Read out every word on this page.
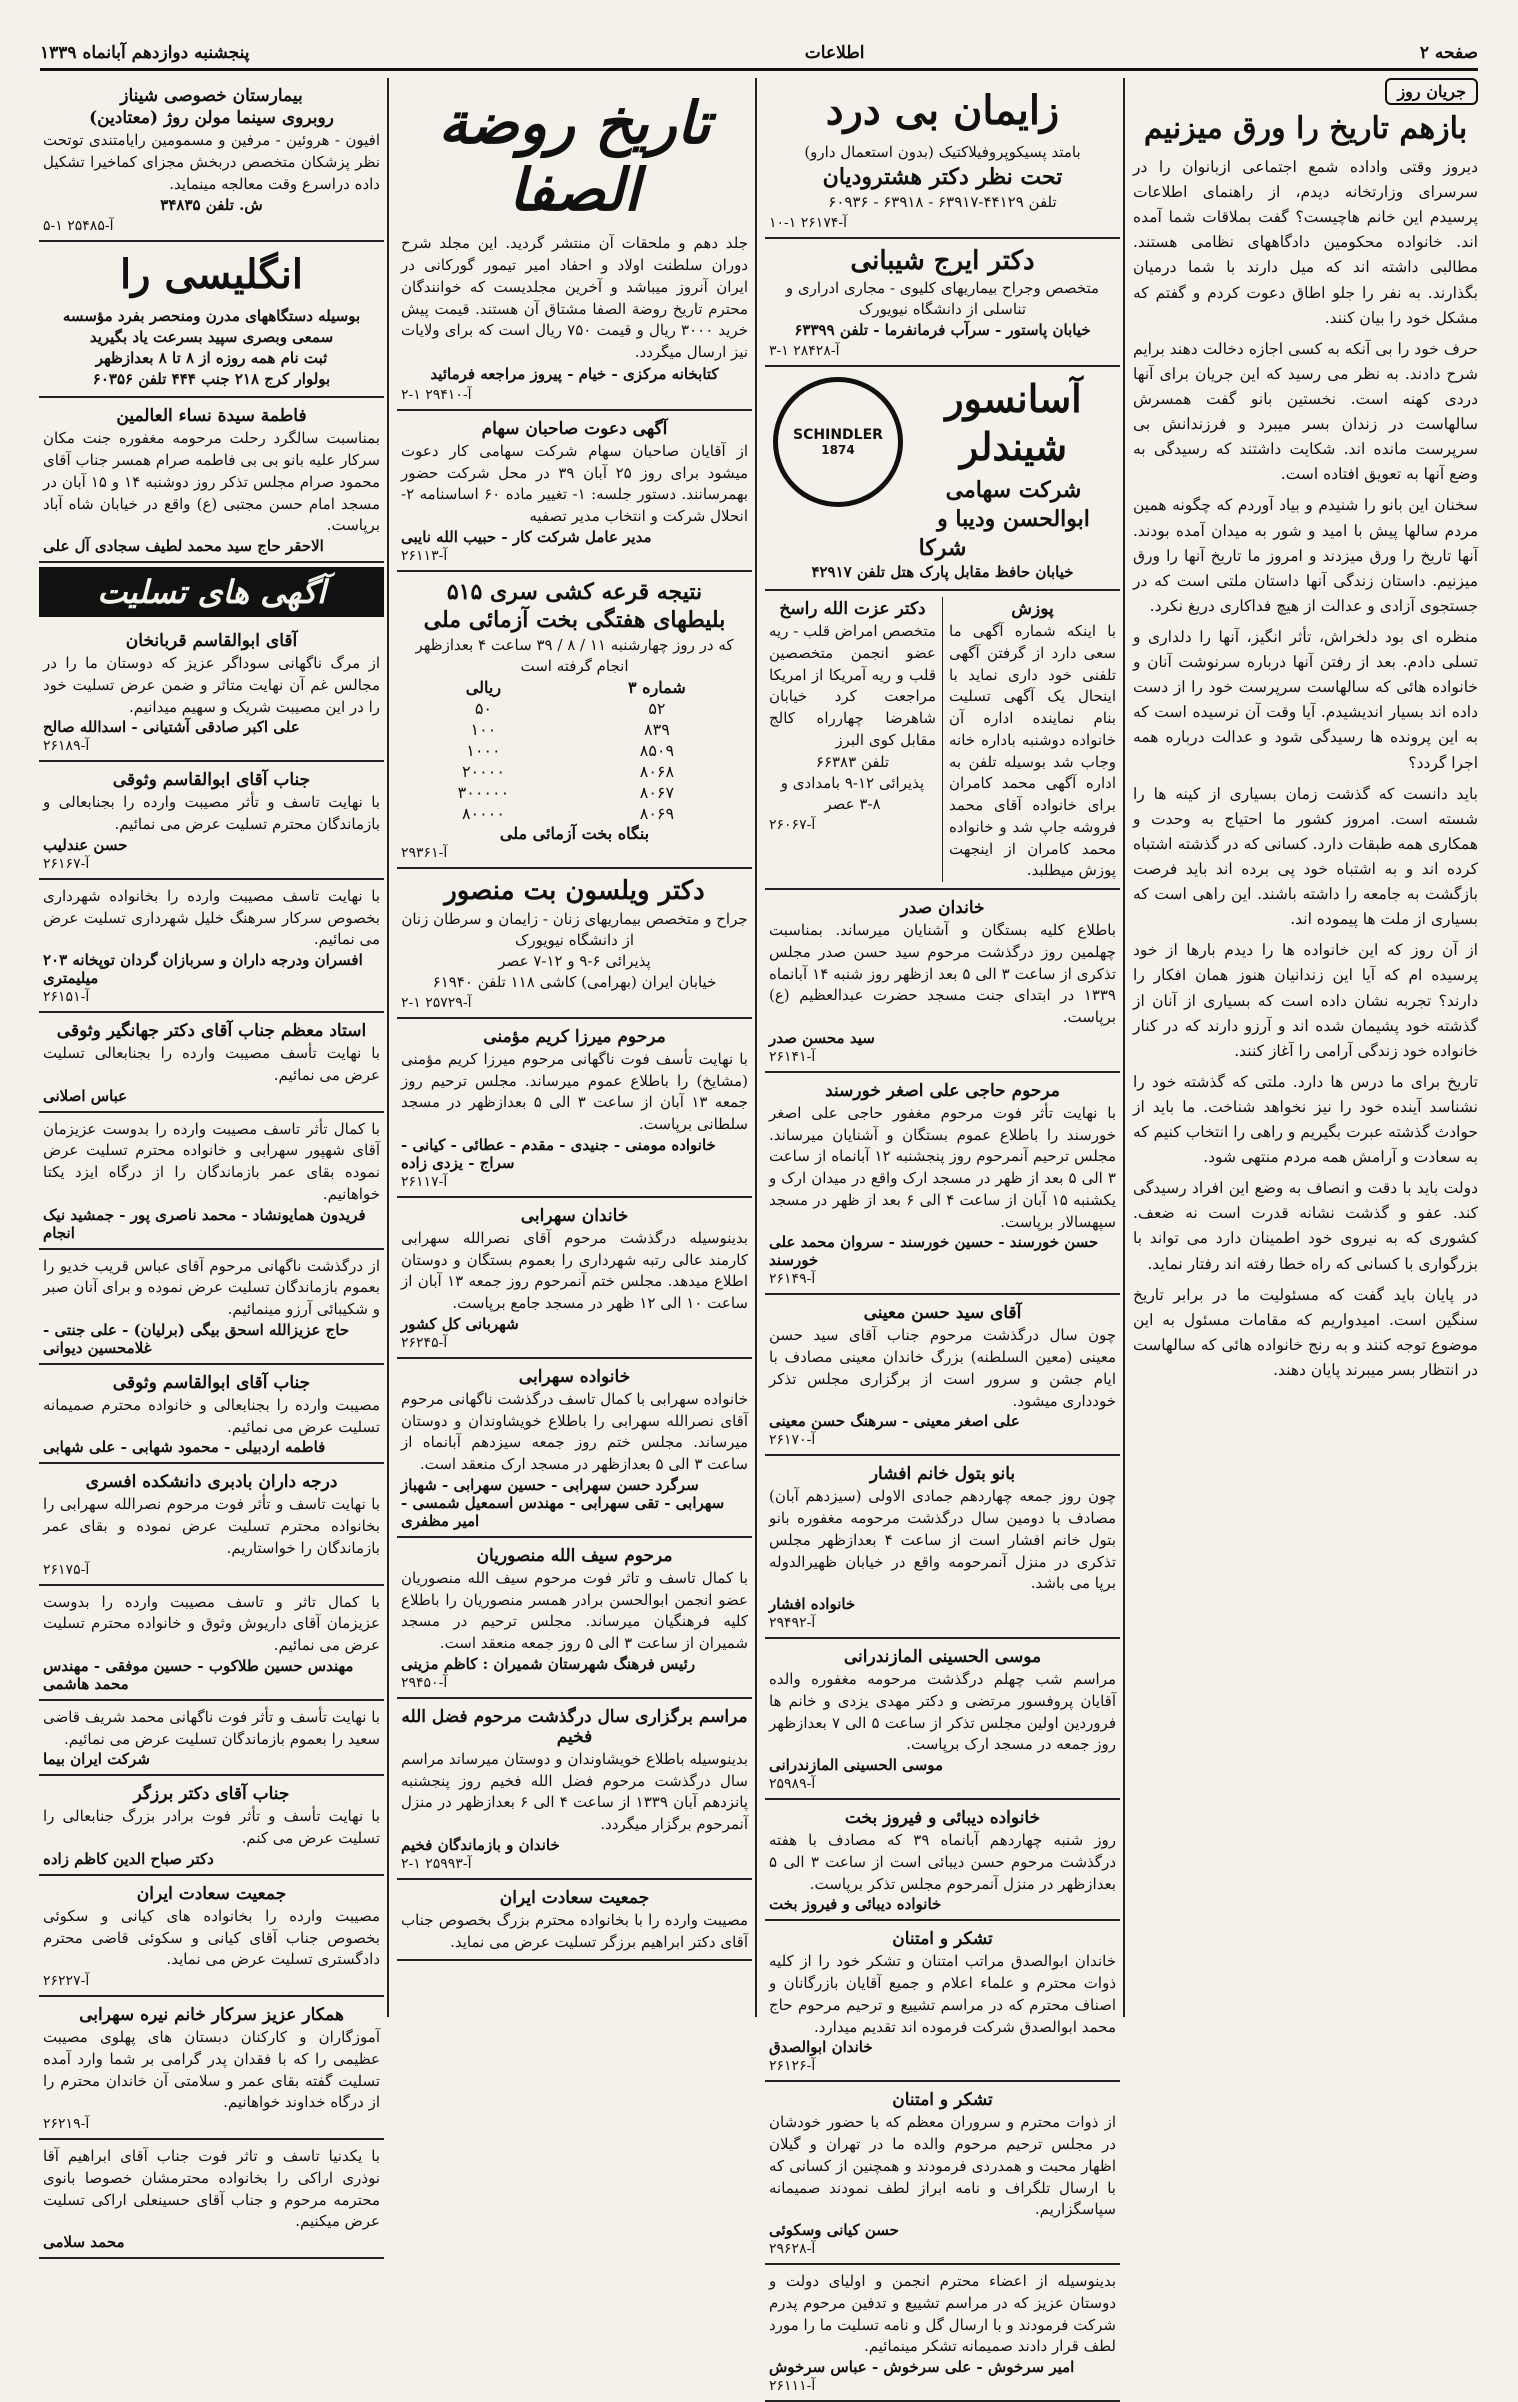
صفحه ۲
اطلاعات
پنجشنبه دوازدهم آبانماه ۱۳۳۹
جریان روز
بازهم تاریخ را ورق میزنیم

دیروز وقتی واداده شمع اجتماعی ازبانوان را در سرسرای وزارتخانه دیدم، از راهنمای اطلاعات پرسیدم این خانم هاچیست؟ گفت بملاقات شما آمده اند. خانواده محکومین دادگاههای نظامی هستند. مطالبی داشته اند که میل دارند با شما درمیان بگذارند. به نفر را جلو اطاق دعوت کردم و گفتم که مشکل خود را بیان کنند.

حرف خود را بی آنکه به کسی اجازه دخالت دهند برایم شرح دادند. به نظر می رسید که این جریان برای آنها دردی کهنه است. نخستین بانو گفت همسرش سالهاست در زندان بسر میبرد و فرزندانش بی سرپرست مانده اند. شکایت داشتند که رسیدگی به وضع آنها به تعویق افتاده است.

سخنان این بانو را شنیدم و بیاد آوردم که چگونه همین مردم سالها پیش با امید و شور به میدان آمده بودند. آنها تاریخ را ورق میزدند و امروز ما تاریخ آنها را ورق میزنیم. داستان زندگی آنها داستان ملتی است که در جستجوی آزادی و عدالت از هیچ فداکاری دریغ نکرد.

منظره ای بود دلخراش، تأثر انگیز، آنها را دلداری و تسلی دادم. بعد از رفتن آنها درباره سرنوشت آنان و خانواده هائی که سالهاست سرپرست خود را از دست داده اند بسیار اندیشیدم. آیا وقت آن نرسیده است که به این پرونده ها رسیدگی شود و عدالت درباره همه اجرا گردد؟

باید دانست که گذشت زمان بسیاری از کینه ها را شسته است. امروز کشور ما احتیاج به وحدت و همکاری همه طبقات دارد. کسانی که در گذشته اشتباه کرده اند و به اشتباه خود پی برده اند باید فرصت بازگشت به جامعه را داشته باشند. این راهی است که بسیاری از ملت ها پیموده اند.

از آن روز که این خانواده ها را دیدم بارها از خود پرسیده ام که آیا این زندانیان هنوز همان افکار را دارند؟ تجربه نشان داده است که بسیاری از آنان از گذشته خود پشیمان شده اند و آرزو دارند که در کنار خانواده خود زندگی آرامی را آغاز کنند.

تاریخ برای ما درس ها دارد. ملتی که گذشته خود را نشناسد آینده خود را نیز نخواهد شناخت. ما باید از حوادث گذشته عبرت بگیریم و راهی را انتخاب کنیم که به سعادت و آرامش همه مردم منتهی شود.

دولت باید با دقت و انصاف به وضع این افراد رسیدگی کند. عفو و گذشت نشانه قدرت است نه ضعف. کشوری که به نیروی خود اطمینان دارد می تواند با بزرگواری با کسانی که راه خطا رفته اند رفتار نماید.

در پایان باید گفت که مسئولیت ما در برابر تاریخ سنگین است. امیدواریم که مقامات مسئول به این موضوع توجه کنند و به رنج خانواده هائی که سالهاست در انتظار بسر میبرند پایان دهند.

زایمان بی درد
بامتد پسیکوپروفیلاکتیک (بدون استعمال دارو)
تحت نظر دکتر هشترودیان
تلفن ۴۴۱۲۹-۶۳۹۱۷ - ۶۳۹۱۸ - ۶۰۹۳۶
آ-۲۶۱۷۴ ۱-۱۰
دکتر ایرج شیبانی
متخصص وجراح بیماریهای کلیوی - مجاری ادراری و تناسلی از دانشگاه نیویورک
خیابان پاستور - سرآب فرمانفرما - تلفن ۶۳۳۹۹
آ-۲۸۴۲۸ ۱-۳
SCHINDLER
1874
آسانسور شیندلر
شرکت سهامی ابوالحسن ودیبا و شرکا
خیابان حافظ مقابل پارک هتل تلفن ۴۲۹۱۷
پوزش
با اینکه شماره آگهی ما سعی دارد از گرفتن آگهی تلفنی خود داری نماید با اینحال یک آگهی تسلیت بنام نماینده اداره آن خانواده دوشنبه باداره خانه وجاب شد بوسیله تلفن به اداره آگهی محمد کامران برای خانواده آقای محمد فروشه جاپ شد و خانواده محمد کامران از اینجهت پوزش میطلبد.
دکتر عزت الله راسخ
متخصص امراض قلب - ریه عضو انجمن متخصصین قلب و ریه آمریکا از امریکا مراجعت کرد خیابان شاهرضا چهارراه کالج مقابل کوی البرز
تلفن ۶۶۳۸۳
پذیرائی ۱۲-۹ بامدادی و ۸-۳ عصر
آ-۲۶۰۶۷
خاندان صدر
باطلاع کلیه بستگان و آشنایان میرساند. بمناسبت چهلمین روز درگذشت مرحوم سید حسن صدر مجلس تذکری از ساعت ۳ الی ۵ بعد ازظهر روز شنبه ۱۴ آبانماه ۱۳۳۹ در ابتدای جنت مسجد حضرت عبدالعظیم (ع) برپاست.
سید محسن صدر
آ-۲۶۱۴۱
مرحوم حاجی علی اصغر خورسند
با نهایت تأثر فوت مرحوم مغفور حاجی علی اصغر خورسند را باطلاع عموم بستگان و آشنایان میرساند. مجلس ترحیم آنمرحوم روز پنجشنبه ۱۲ آبانماه از ساعت ۳ الی ۵ بعد از ظهر در مسجد ارک واقع در میدان ارک و یکشنبه ۱۵ آبان از ساعت ۴ الی ۶ بعد از ظهر در مسجد سپهسالار برپاست.
حسن خورسند - حسین خورسند - سروان محمد علی خورسند
آ-۲۶۱۴۹
آقای سید حسن معینی
چون سال درگذشت مرحوم جناب آقای سید حسن معینی (معین السلطنه) بزرگ خاندان معینی مصادف با ایام جشن و سرور است از برگزاری مجلس تذکر خودداری میشود.
علی اصغر معینی - سرهنگ حسن معینی
آ-۲۶۱۷۰
بانو بتول خانم افشار
چون روز جمعه چهاردهم جمادی الاولی (سیزدهم آبان) مصادف با دومین سال درگذشت مرحومه مغفوره بانو بتول خانم افشار است از ساعت ۴ بعدازظهر مجلس تذکری در منزل آنمرحومه واقع در خیابان ظهیرالدوله برپا می باشد.
خانواده افشار
آ-۲۹۴۹۲
موسی الحسینی المازندرانی
مراسم شب چهلم درگذشت مرحومه مغفوره والده آقایان پروفسور مرتضی و دکتر مهدی یزدی و خانم ها فروردین اولین مجلس تذکر از ساعت ۵ الی ۷ بعدازظهر روز جمعه در مسجد ارک برپاست.
موسی الحسینی المازندرانی
آ-۲۵۹۸۹
خانواده دیبائی و فیروز بخت
روز شنبه چهاردهم آبانماه ۳۹ که مصادف با هفته درگذشت مرحوم حسن دیبائی است از ساعت ۳ الی ۵ بعدازظهر در منزل آنمرحوم مجلس تذکر برپاست.
خانواده دیبائی و فیروز بخت
تشکر و امتنان
خاندان ابوالصدق مراتب امتنان و تشکر خود را از کلیه ذوات محترم و علماء اعلام و جمیع آقایان بازرگانان و اصناف محترم که در مراسم تشییع و ترحیم مرحوم حاج محمد ابوالصدق شرکت فرموده اند تقدیم میدارد.
خاندان ابوالصدق
آ-۲۶۱۲۶
تشکر و امتنان
از ذوات محترم و سروران معظم که با حضور خودشان در مجلس ترحیم مرحوم والده ما در تهران و گیلان اظهار محبت و همدردی فرمودند و همچنین از کسانی که با ارسال تلگراف و نامه ابراز لطف نمودند صمیمانه سپاسگزاریم.
حسن کیانی وسکوئی
آ-۲۹۶۲۸
بدینوسیله از اعضاء محترم انجمن و اولیای دولت و دوستان عزیز که در مراسم تشییع و تدفین مرحوم پدرم شرکت فرمودند و با ارسال گل و نامه تسلیت ما را مورد لطف قرار دادند صمیمانه تشکر مینمائیم.
امیر سرخوش - علی سرخوش - عباس سرخوش
آ-۲۶۱۱۱
تاریخ روضة الصفا
جلد دهم و ملحقات آن منتشر گردید. این مجلد شرح دوران سلطنت اولاد و احفاد امیر تیمور گورکانی در ایران آنروز میباشد و آخرین مجلدیست که خوانندگان محترم تاریخ روضة الصفا مشتاق آن هستند. قیمت پیش خرید ۳۰۰۰ ریال و قیمت ۷۵۰ ریال است که برای ولایات نیز ارسال میگردد.
کتابخانه مرکزی - خیام - پیروز مراجعه فرمائید
آ-۲۹۴۱۰ ۱-۲
آگهی دعوت صاحبان سهام
از آقایان صاحبان سهام شرکت سهامی کار دعوت میشود برای روز ۲۵ آبان ۳۹ در محل شرکت حضور بهمرسانند. دستور جلسه: ۱- تغییر ماده ۶۰ اساسنامه ۲- انحلال شرکت و انتخاب مدیر تصفیه
مدیر عامل شرکت کار - حبیب الله نایبی
آ-۲۶۱۱۳
نتیجه قرعه کشی سری ۵۱۵
بلیطهای هفتگی بخت آزمائی ملی
که در روز چهارشنبه ۱۱ / ۸ / ۳۹ ساعت ۴ بعدازظهر انجام گرفته است
شماره ۳	ریالی
۵۲	۵۰
۸۳۹	۱۰۰
۸۵۰۹	۱۰۰۰
۸۰۶۸	۲۰۰۰۰
۸۰۶۷	۳۰۰۰۰۰
۸۰۶۹	۸۰۰۰۰
بنگاه بخت آزمائی ملی
آ-۲۹۳۶۱
دکتر ویلسون بت منصور
جراح و متخصص بیماریهای زنان - زایمان و سرطان زنان از دانشگاه نیویورک
پذیرائی ۶-۹ و ۱۲-۷ عصر
خیابان ایران (بهرامی) کاشی ۱۱۸ تلفن ۶۱۹۴۰
آ-۲۵۷۲۹ ۱-۲
مرحوم میرزا کریم مؤمنی
با نهایت تأسف فوت ناگهانی مرحوم میرزا کریم مؤمنی (مشایخ) را باطلاع عموم میرساند. مجلس ترحیم روز جمعه ۱۳ آبان از ساعت ۳ الی ۵ بعدازظهر در مسجد سلطانی برپاست.
خانواده مومنی - جنیدی - مقدم - عطائی - کیانی - سراج - یزدی زاده
آ-۲۶۱۱۷
خاندان سهرابی
بدینوسیله درگذشت مرحوم آقای نصرالله سهرابی کارمند عالی رتبه شهرداری را بعموم بستگان و دوستان اطلاع میدهد. مجلس ختم آنمرحوم روز جمعه ۱۳ آبان از ساعت ۱۰ الی ۱۲ ظهر در مسجد جامع برپاست.
شهربانی کل کشور
آ-۲۶۲۴۵
خانواده سهرابی
خانواده سهرابی با کمال تاسف درگذشت ناگهانی مرحوم آقای نصرالله سهرابی را باطلاع خویشاوندان و دوستان میرساند. مجلس ختم روز جمعه سیزدهم آبانماه از ساعت ۳ الی ۵ بعدازظهر در مسجد ارک منعقد است.
سرگرد حسن سهرابی - حسین سهرابی - شهباز سهرابی - تقی سهرابی - مهندس اسمعیل شمسی - امیر مظفری
مرحوم سیف الله منصوریان
با کمال تاسف و تاثر فوت مرحوم سیف الله منصوریان عضو انجمن ابوالحسن برادر همسر منصوریان را باطلاع کلیه فرهنگیان میرساند. مجلس ترحیم در مسجد شمیران از ساعت ۳ الی ۵ روز جمعه منعقد است.
رئیس فرهنگ شهرستان شمیران : کاظم مزینی
آ-۲۹۴۵۰
مراسم برگزاری سال درگذشت مرحوم فضل الله فخیم
بدینوسیله باطلاع خویشاوندان و دوستان میرساند مراسم سال درگذشت مرحوم فضل الله فخیم روز پنجشنبه پانزدهم آبان ۱۳۳۹ از ساعت ۴ الی ۶ بعدازظهر در منزل آنمرحوم برگزار میگردد.
خاندان و بازماندگان فخیم
آ-۲۵۹۹۳ ۱-۲
جمعیت سعادت ایران
مصیبت وارده را با بخانواده محترم بزرگ بخصوص جناب آقای دکتر ابراهیم برزگر تسلیت عرض می نماید.
بیمارستان خصوصی شیناز
روبروی سینما مولن روژ (معتادین)
افیون - هروئین - مرفین و مسمومین رایامتندی توتحت نظر پزشکان متخصص دربخش مجزای کماخیرا تشکیل داده دراسرع وقت معالجه مینماید.
ش. تلفن ۳۴۸۳۵
آ-۲۵۴۸۵ ۱-۵
انگلیسی را
بوسیله دستگاههای مدرن ومنحصر بفرد مؤسسه سمعی وبصری سپید بسرعت یاد بگیرید
ثبت نام همه روزه از ۸ تا ۸ بعدازظهر
بولوار کرج ۲۱۸ جنب ۴۴۴ تلفن ۶۰۳۵۶
فاطمة سیدة نساء العالمین
بمناسبت سالگرد رحلت مرحومه مغفوره جنت مکان سرکار علیه بانو بی بی فاطمه صرام همسر جناب آقای محمود صرام مجلس تذکر روز دوشنبه ۱۴ و ۱۵ آبان در مسجد امام حسن مجتبی (ع) واقع در خیابان شاه آباد برپاست.
الاحقر حاج سید محمد لطیف سجادی آل علی
آگهی های تسلیت
آقای ابوالقاسم قربانخان
از مرگ ناگهانی سوداگر عزیز که دوستان ما را در مجالس غم آن نهایت متاثر و ضمن عرض تسلیت خود را در این مصیبت شریک و سهیم میدانیم.
علی اکبر صادقی آشتیانی - اسدالله صالح
آ-۲۶۱۸۹
جناب آقای ابوالقاسم وثوقی
با نهایت تاسف و تأثر مصیبت وارده را بجنابعالی و بازماندگان محترم تسلیت عرض می نمائیم.
حسن عندلیب
آ-۲۶۱۶۷
با نهایت تاسف مصیبت وارده را بخانواده شهرداری بخصوص سرکار سرهنگ خلیل شهرداری تسلیت عرض می نمائیم.
افسران ودرجه داران و سربازان گردان توپخانه ۲۰۳ میلیمتری
آ-۲۶۱۵۱
استاد معظم جناب آقای دکتر جهانگیر وثوقی
با نهایت تأسف مصیبت وارده را بجنابعالی تسلیت عرض می نمائیم.
عباس اصلانی
با کمال تأثر تاسف مصیبت وارده را بدوست عزیزمان آقای شهپور سهرابی و خانواده محترم تسلیت عرض نموده بقای عمر بازماندگان را از درگاه ایزد یکتا خواهانیم.
فریدون همایونشاد - محمد ناصری پور - جمشید نیک انجام
از درگذشت ناگهانی مرحوم آقای عباس قریب خدیو را بعموم بازماندگان تسلیت عرض نموده و برای آنان صبر و شکیبائی آرزو مینمائیم.
حاج عزیزالله اسحق بیگی (برلیان) - علی جنتی - غلامحسین دیوانی
جناب آقای ابوالقاسم وثوقی
مصیبت وارده را بجنابعالی و خانواده محترم صمیمانه تسلیت عرض می نمائیم.
فاطمه اردبیلی - محمود شهابی - علی شهابی
درجه داران بادبری دانشکده افسری
با نهایت تاسف و تأثر فوت مرحوم نصرالله سهرابی را بخانواده محترم تسلیت عرض نموده و بقای عمر بازماندگان را خواستاریم.
آ-۲۶۱۷۵
با کمال تاثر و تاسف مصیبت وارده را بدوست عزیزمان آقای داریوش وثوق و خانواده محترم تسلیت عرض می نمائیم.
مهندس حسین طلاکوب - حسین موفقی - مهندس محمد هاشمی
با نهایت تأسف و تأثر فوت ناگهانی محمد شریف قاضی سعید را بعموم بازماندگان تسلیت عرض می نمائیم.
شرکت ایران بیما
جناب آقای دکتر برزگر
با نهایت تأسف و تأثر فوت برادر بزرگ جنابعالی را تسلیت عرض می کنم.
دکتر صباح الدین کاظم زاده
جمعیت سعادت ایران
مصیبت وارده را بخانواده های کیانی و سکوئی بخصوص جناب آقای کیانی و سکوئی قاضی محترم دادگستری تسلیت عرض می نماید.
آ-۲۶۲۲۷
همکار عزیز سرکار خانم نیره سهرابی
آموزگاران و کارکنان دبستان های پهلوی مصیبت عظیمی را که با فقدان پدر گرامی بر شما وارد آمده تسلیت گفته بقای عمر و سلامتی آن خاندان محترم را از درگاه خداوند خواهانیم.
آ-۲۶۲۱۹
با یکدنیا تاسف و تاثر فوت جناب آقای ابراهیم آقا نوذری اراکی را بخانواده محترمشان خصوصا بانوی محترمه مرحوم و جناب آقای حسینعلی اراکی تسلیت عرض میکنیم.
محمد سلامی
